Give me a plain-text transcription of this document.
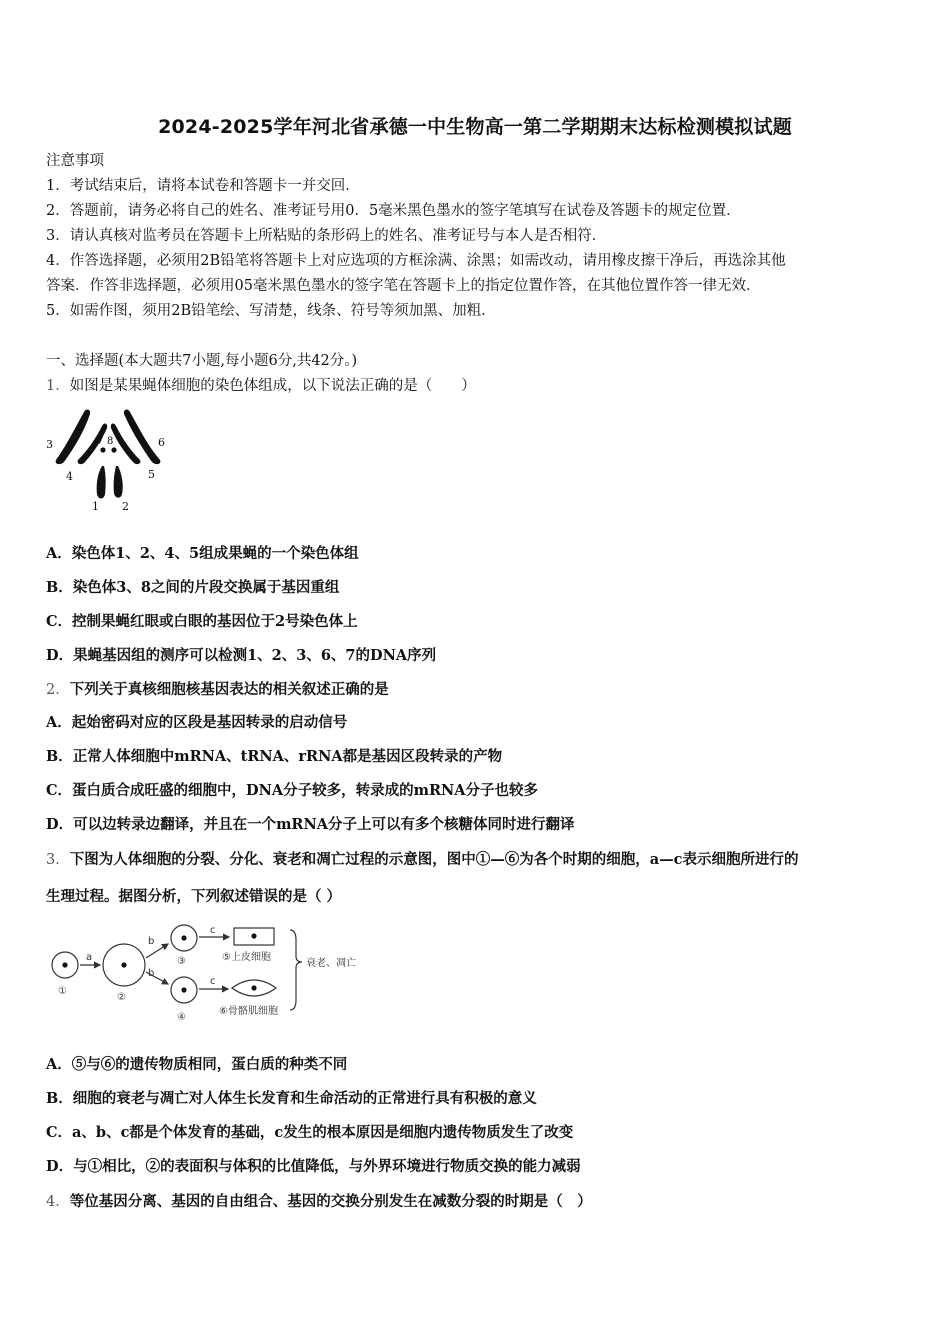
2024-2025学年河北省承德一中生物高一第二学期期末达标检测模拟试题
注意事项
1．考试结束后，请将本试卷和答题卡一并交回．
2．答题前，请务必将自己的姓名、准考证号用0．5毫米黑色墨水的签字笔填写在试卷及答题卡的规定位置．
3．请认真核对监考员在答题卡上所粘贴的条形码上的姓名、准考证号与本人是否相符．
4．作答选择题，必须用2B铅笔将答题卡上对应选项的方框涂满、涂黑；如需改动，请用橡皮擦干净后，再选涂其他
答案．作答非选择题，必须用05毫米黑色墨水的签字笔在答题卡上的指定位置作答，在其他位置作答一律无效．
5．如需作图，须用2B铅笔绘、写清楚，线条、符号等须加黑、加粗．
一、选择题(本大题共7小题,每小题6分,共42分。)
1．如图是某果蝇体细胞的染色体组成，以下说法正确的是（　　）
3	7 8	6
4	5
1 2
A．染色体1、2、4、5组成果蝇的一个染色体组
B．染色体3、8之间的片段交换属于基因重组
C．控制果蝇红眼或白眼的基因位于2号染色体上
D．果蝇基因组的测序可以检测1、2、3、6、7的DNA序列
2．下列关于真核细胞核基因表达的相关叙述正确的是
A．起始密码对应的区段是基因转录的启动信号
B．正常人体细胞中mRNA、tRNA、rRNA都是基因区段转录的产物
C．蛋白质合成旺盛的细胞中，DNA分子较多，转录成的mRNA分子也较多
D．可以边转录边翻译，并且在一个mRNA分子上可以有多个核糖体同时进行翻译
3．下图为人体细胞的分裂、分化、衰老和凋亡过程的示意图，图中①—⑥为各个时期的细胞，a—c表示细胞所进行的
生理过程。据图分析，下列叙述错误的是（ ）
①
②
③
④
a
b
b
c
c
⑤上皮细胞
⑥骨骼肌细胞
衰老、凋亡
A．⑤与⑥的遗传物质相同，蛋白质的种类不同
B．细胞的衰老与凋亡对人体生长发育和生命活动的正常进行具有积极的意义
C．a、b、c都是个体发育的基础，c发生的根本原因是细胞内遗传物质发生了改变
D．与①相比，②的表面积与体积的比值降低，与外界环境进行物质交换的能力减弱
4．等位基因分离、基因的自由组合、基因的交换分别发生在减数分裂的时期是（　）
